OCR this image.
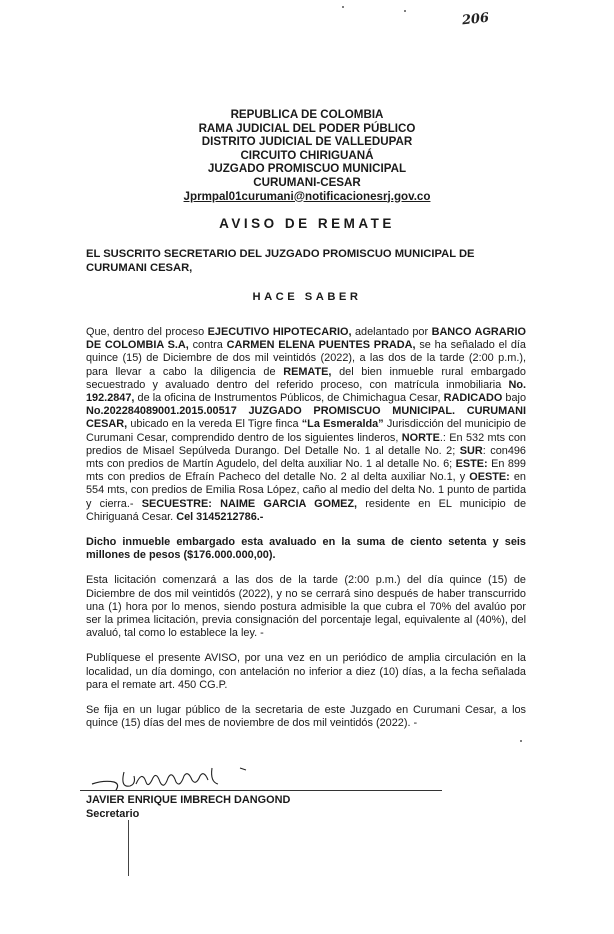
206
REPUBLICA DE COLOMBIA
RAMA JUDICIAL DEL PODER PÚBLICO
DISTRITO JUDICIAL DE VALLEDUPAR
CIRCUITO CHIRIGUANÁ
JUZGADO PROMISCUO MUNICIPAL
CURUMANI-CESAR
Jprmpal01curumani@notificacionesrj.gov.co
AVISO DE REMATE
EL SUSCRITO SECRETARIO DEL JUZGADO PROMISCUO MUNICIPAL DE CURUMANI CESAR,
HACE SABER

Que, dentro del proceso EJECUTIVO HIPOTECARIO, adelantado por BANCO AGRARIO DE COLOMBIA S.A, contra CARMEN ELENA PUENTES PRADA, se ha señalado el día quince (15) de Diciembre de dos mil veintidós (2022), a las dos de la tarde (2:00 p.m.), para llevar a cabo la diligencia de REMATE, del bien inmueble rural embargado secuestrado y avaluado dentro del referido proceso, con matrícula inmobiliaria No. 192.2847, de la oficina de Instrumentos Públicos, de Chimichagua Cesar, RADICADO bajo No.202284089001.2015.00517 JUZGADO PROMISCUO MUNICIPAL. CURUMANI CESAR, ubicado en la vereda El Tigre finca “La Esmeralda” Jurisdicción del municipio de Curumani Cesar, comprendido dentro de los siguientes linderos, NORTE.: En 532 mts con predios de Misael Sepúlveda Durango. Del Detalle No. 1 al detalle No. 2; SUR: con496 mts con predios de Martín Agudelo, del delta auxiliar No. 1 al detalle No. 6; ESTE: En 899 mts con predios de Efraín Pacheco del detalle No. 2 al delta auxiliar No.1, y OESTE: en 554 mts, con predios de Emilia Rosa López, caño al medio del delta No. 1 punto de partida y cierra.- SECUESTRE: NAIME GARCIA GOMEZ, residente en EL municipio de Chiriguaná Cesar. Cel 3145212786.-

Dicho inmueble embargado esta avaluado en la suma de ciento setenta y seis millones de pesos ($176.000.000,00).

Esta licitación comenzará a las dos de la tarde (2:00 p.m.) del día quince (15) de Diciembre de dos mil veintidós (2022), y no se cerrará sino después de haber transcurrido una (1) hora por lo menos, siendo postura admisible la que cubra el 70% del avalúo por ser la primea licitación, previa consignación del porcentaje legal, equivalente al (40%), del avaluó, tal como lo establece la ley. -

Publíquese el presente AVISO, por una vez en un periódico de amplia circulación en la localidad, un día domingo, con antelación no inferior a diez (10) días, a la fecha señalada para el remate art. 450 CG.P.

Se fija en un lugar público de la secretaria de este Juzgado en Curumani Cesar, a los quince (15) días del mes de noviembre de dos mil veintidós (2022). -

JAVIER ENRIQUE IMBRECH DANGOND
Secretario
